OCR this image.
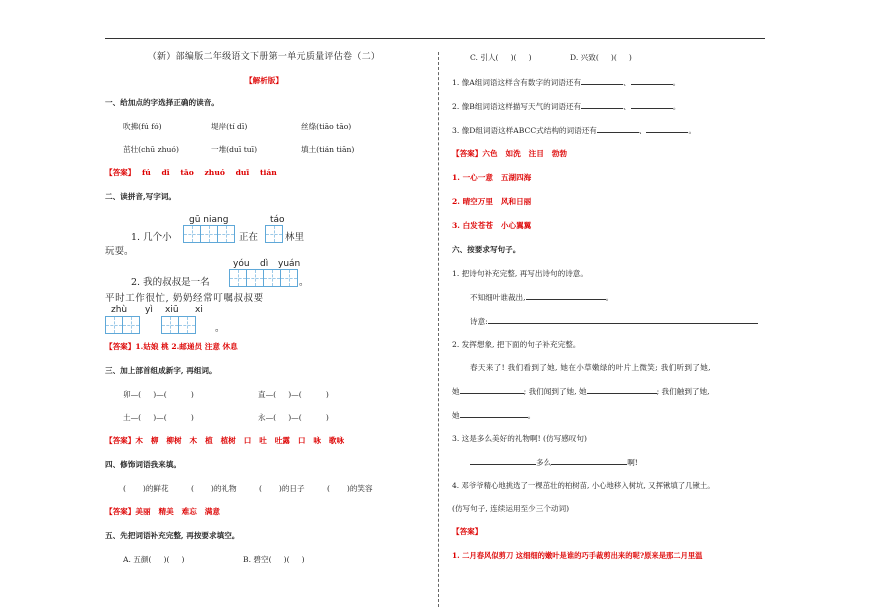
（新）部编版二年级语文下册第一单元质量评估卷（二）
【解析版】
一、给加点的字选择正确的读音。
吹拂(fú fó)	堤岸(tí dī)	丝绦(tiāo tāo)
茁壮(chū zhuó)	一堆(duī tuī)	填土(tián tiān)
【答案】 fú dī tāo zhuó duī tián
二、读拼音,写字词。
gū niang	táo
1. 几个小	正在	林里
玩耍。
yóu dì yuán
2. 我的叔叔是一名	。
平时工作很忙, 奶奶经常叮嘱叔叔要
zhù yì xiū xi
。
【答案】1.姑娘 桃 2.邮递员 注意 休息
三、加上部首组成新字, 再组词。
卯—(     )—(          )	直—(     )—(          )
土—(     )—(          )	永—(     )—(          )
【答案】木   柳   柳树   木   植   植树   口   吐   吐露   口   咏   歌咏
四、修饰词语我来填。
(       )的鲜花	(       )的礼物	(       )的日子	(       )的笑容
【答案】美丽   精美   难忘   满意
五、先把词语补充完整, 再按要求填空。
A. 五颜(     )(     )	B. 碧空(     )(     )
C. 引人(     )(     )	D. 兴致(     )(     )
1. 像A组词语这样含有数字的词语还有	、	。
2. 像B组词语这样描写天气的词语还有	、	。
3. 像D组词语这样ABCC式结构的词语还有	、	。
【答案】六色   如洗   注目   勃勃
1. 一心一意   五湖四海
2. 晴空万里   风和日丽
3. 白发苍苍   小心翼翼
六、按要求写句子。
1. 把诗句补充完整, 再写出诗句的诗意。
不知细叶谁裁出,	。
诗意:
2. 发挥想象, 把下面的句子补充完整。
春天来了! 我们看到了她, 她在小草嫩绿的叶片上微笑; 我们听到了她,
她	; 我们闻到了她, 她	; 我们触到了她,
她	。
3. 这是多么美好的礼物啊! (仿写感叹句)
多么	啊!
4. 邓爷爷精心地挑选了一棵茁壮的柏树苗, 小心地移入树坑, 又挥锹填了几锹土。
(仿写句子, 连续运用至少三个动词)
【答案】
1. 二月春风似剪刀 这细细的嫩叶是谁的巧手裁剪出来的呢?原来是那二月里温
